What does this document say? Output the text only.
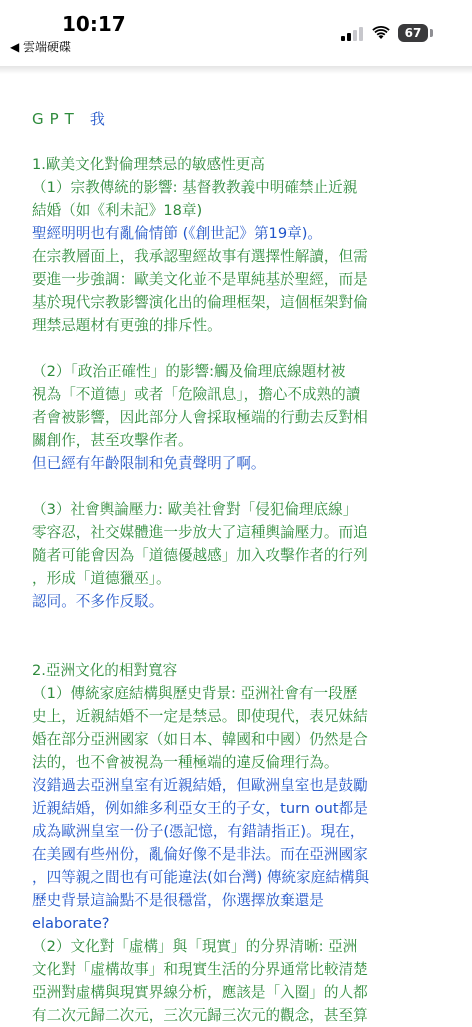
10:17
◀ 雲端硬碟
67
GPT 我

1.歐美文化對倫理禁忌的敏感性更高

（1）宗教傳統的影響: 基督教教義中明確禁止近親

結婚（如《利未記》18章)

聖經明明也有亂倫情節 (《創世記》第19章)。

在宗教層面上，我承認聖經故事有選擇性解讀，但需

要進一步強調：歐美文化並不是單純基於聖經，而是

基於現代宗教影響演化出的倫理框架，這個框架對倫

理禁忌題材有更強的排斥性。

（2）「政治正確性」的影響:觸及倫理底線題材被

視為「不道德」或者「危險訊息」，擔心不成熟的讀

者會被影響，因此部分人會採取極端的行動去反對相

關創作，甚至攻擊作者。

但已經有年齡限制和免責聲明了啊。

（3）社會輿論壓力: 歐美社會對「侵犯倫理底線」

零容忍，社交媒體進一步放大了這種輿論壓力。而追

隨者可能會因為「道德優越感」加入攻擊作者的行列

，形成「道德獵巫」。

認同。不多作反駁。

2.亞洲文化的相對寬容

（1）傳統家庭結構與歷史背景: 亞洲社會有一段歷

史上，近親結婚不一定是禁忌。即使現代，表兄妹結

婚在部分亞洲國家（如日本、韓國和中國）仍然是合

法的，也不會被視為一種極端的違反倫理行為。

沒錯過去亞洲皇室有近親結婚，但歐洲皇室也是鼓勵

近親結婚，例如維多利亞女王的子女，turn out都是

成為歐洲皇室一份子(憑記憶，有錯請指正)。現在，

在美國有些州份，亂倫好像不是非法。而在亞洲國家

，四等親之間也有可能違法(如台灣) 傳統家庭結構與

歷史背景這論點不是很穩當，你選擇放棄還是

elaborate?

（2）文化對「虛構」與「現實」的分界清晰: 亞洲

文化對「虛構故事」和現實生活的分界通常比較清楚

亞洲對虛構與現實界線分析，應該是「入圈」的人都

有二次元歸二次元，三次元歸三次元的觀念，甚至算
